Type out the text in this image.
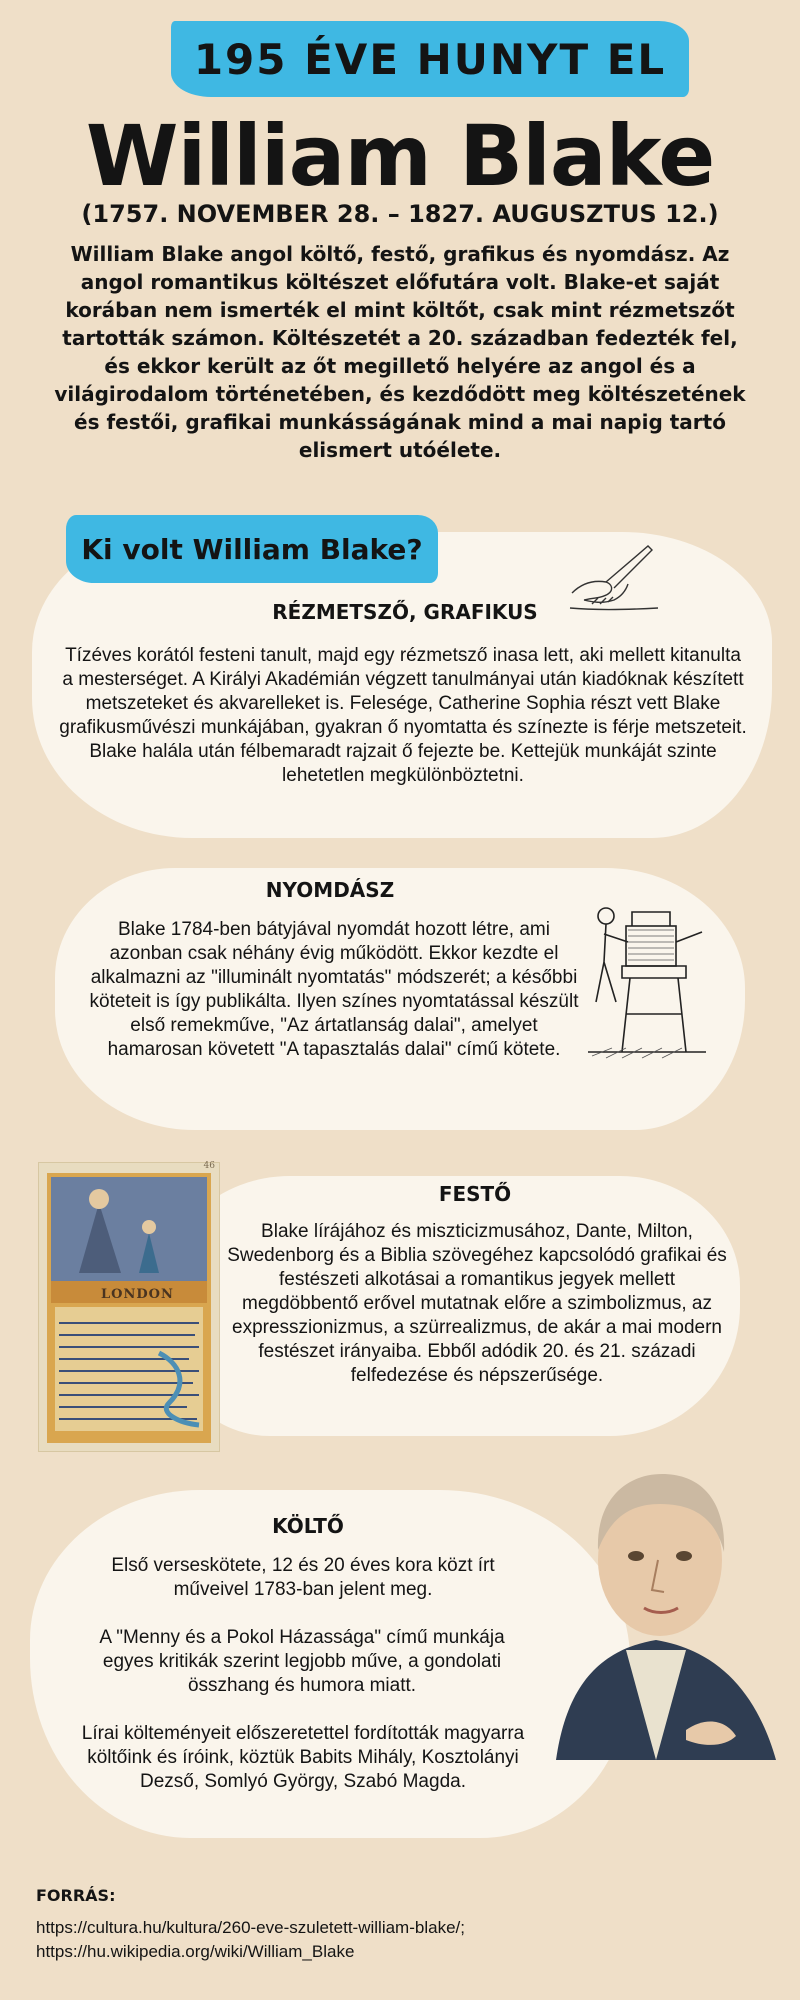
195 ÉVE HUNYT EL
William Blake
(1757. NOVEMBER 28. – 1827. AUGUSZTUS 12.)
William Blake angol költő, festő, grafikus és nyomdász. Az angol romantikus költészet előfutára volt. Blake-et saját korában nem ismerték el mint költőt, csak mint rézmetszőt tartották számon. Költészetét a 20. században fedezték fel, és ekkor került az őt megillető helyére az angol és a világirodalom történetében, és kezdődött meg költészetének és festői, grafikai munkásságának mind a mai napig tartó elismert utóélete.
Ki volt William Blake?
RÉZMETSZŐ, GRAFIKUS
Tízéves korától festeni tanult, majd egy rézmetsző inasa lett, aki mellett kitanulta a mesterséget. A Királyi Akadémián végzett tanulmányai után kiadóknak készített metszeteket és akvarelleket is. Felesége, Catherine Sophia részt vett Blake grafikusművészi munkájában, gyakran ő nyomtatta és színezte is férje metszeteit. Blake halála után félbemaradt rajzait ő fejezte be. Kettejük munkáját szinte lehetetlen megkülönböztetni.
NYOMDÁSZ
Blake 1784-ben bátyjával nyomdát hozott létre, ami azonban csak néhány évig működött. Ekkor kezdte el alkalmazni az "illuminált nyomtatás" módszerét; a későbbi köteteit is így publikálta. Ilyen színes nyomtatással készült első remekműve, "Az ártatlanság dalai", amelyet hamarosan követett "A tapasztalás dalai" című kötete.
FESTŐ
Blake lírájához és miszticizmusához, Dante, Milton, Swedenborg és a Biblia szövegéhez kapcsolódó grafikai és festészeti alkotásai a romantikus jegyek mellett megdöbbentő erővel mutatnak előre a szimbolizmus, az expresszionizmus, a szürrealizmus, de akár a mai modern festészet irányaiba. Ebből adódik 20. és 21. századi felfedezése és népszerűsége.
LONDON
46
KÖLTŐ
Első verseskötete, 12 és 20 éves kora közt írt műveivel 1783-ban jelent meg.
A "Menny és a Pokol Házassága" című munkája egyes kritikák szerint legjobb műve, a gondolati összhang és humora miatt.
Lírai költeményeit előszeretettel fordították magyarra költőink és íróink, köztük Babits Mihály, Kosztolányi Dezső, Somlyó György, Szabó Magda.
FORRÁS:
https://cultura.hu/kultura/260-eve-szuletett-william-blake/;
https://hu.wikipedia.org/wiki/William_Blake
